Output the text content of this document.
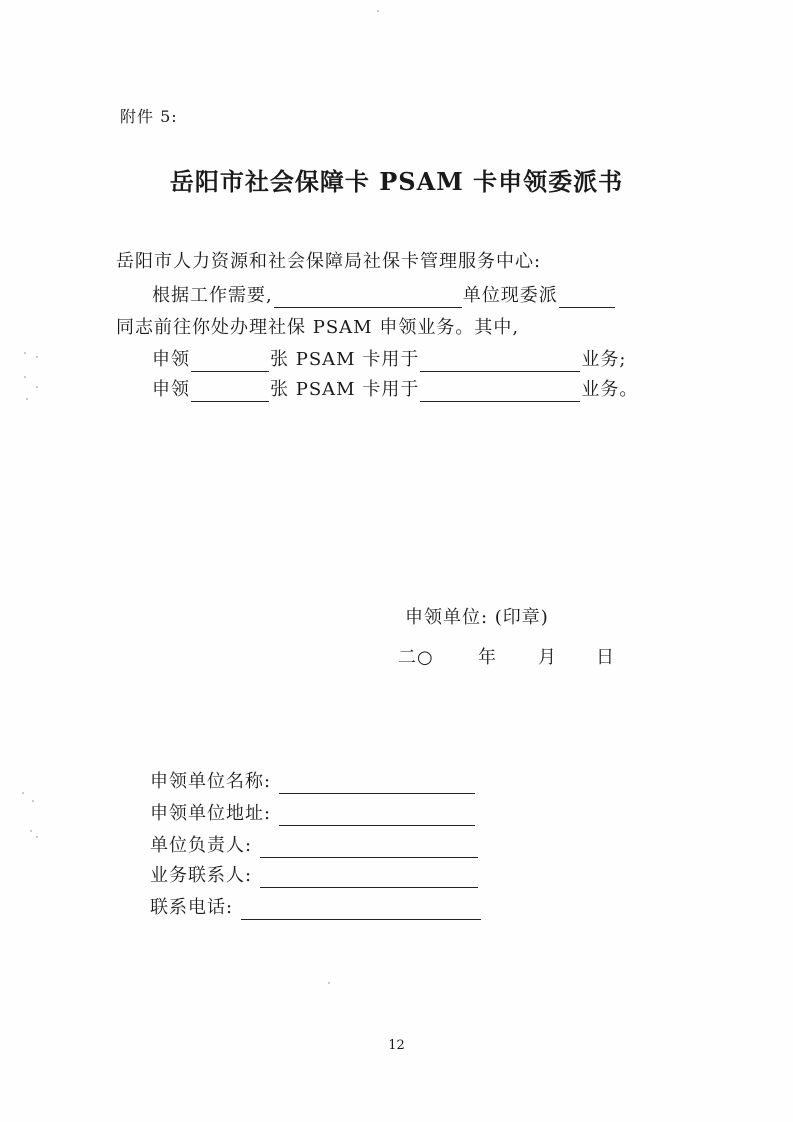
附件 5:
岳阳市社会保障卡 PSAM 卡申领委派书
岳阳市人力资源和社会保障局社保卡管理服务中心:
根据工作需要,	单位现委派
同志前往你处办理社保 PSAM 申领业务。其中,
申领	张 PSAM 卡用于	业务;
申领	张 PSAM 卡用于	业务。
申领单位: (印章)
二○ 年 月 日
申领单位名称:
申领单位地址:
单位负责人:
业务联系人:
联系电话:
12
